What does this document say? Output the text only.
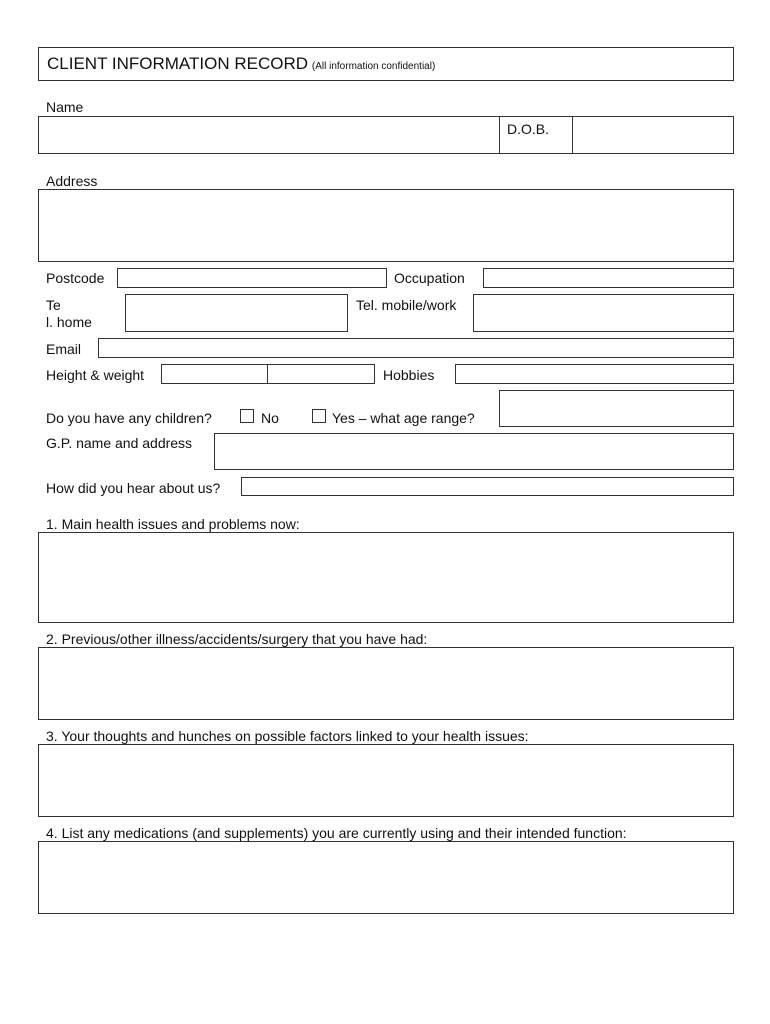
CLIENT INFORMATION RECORD (All information confidential)
Name
D.O.B.
Address
Postcode	Occupation
Te
l. home
Tel. mobile/work
Email
Height & weight	Hobbies
Do you have any children?	No	Yes – what age range?
G.P. name and address
How did you hear about us?
1. Main health issues and problems now:
2. Previous/other illness/accidents/surgery that you have had:
3. Your thoughts and hunches on possible factors linked to your health issues:
4. List any medications (and supplements) you are currently using and their intended function:
